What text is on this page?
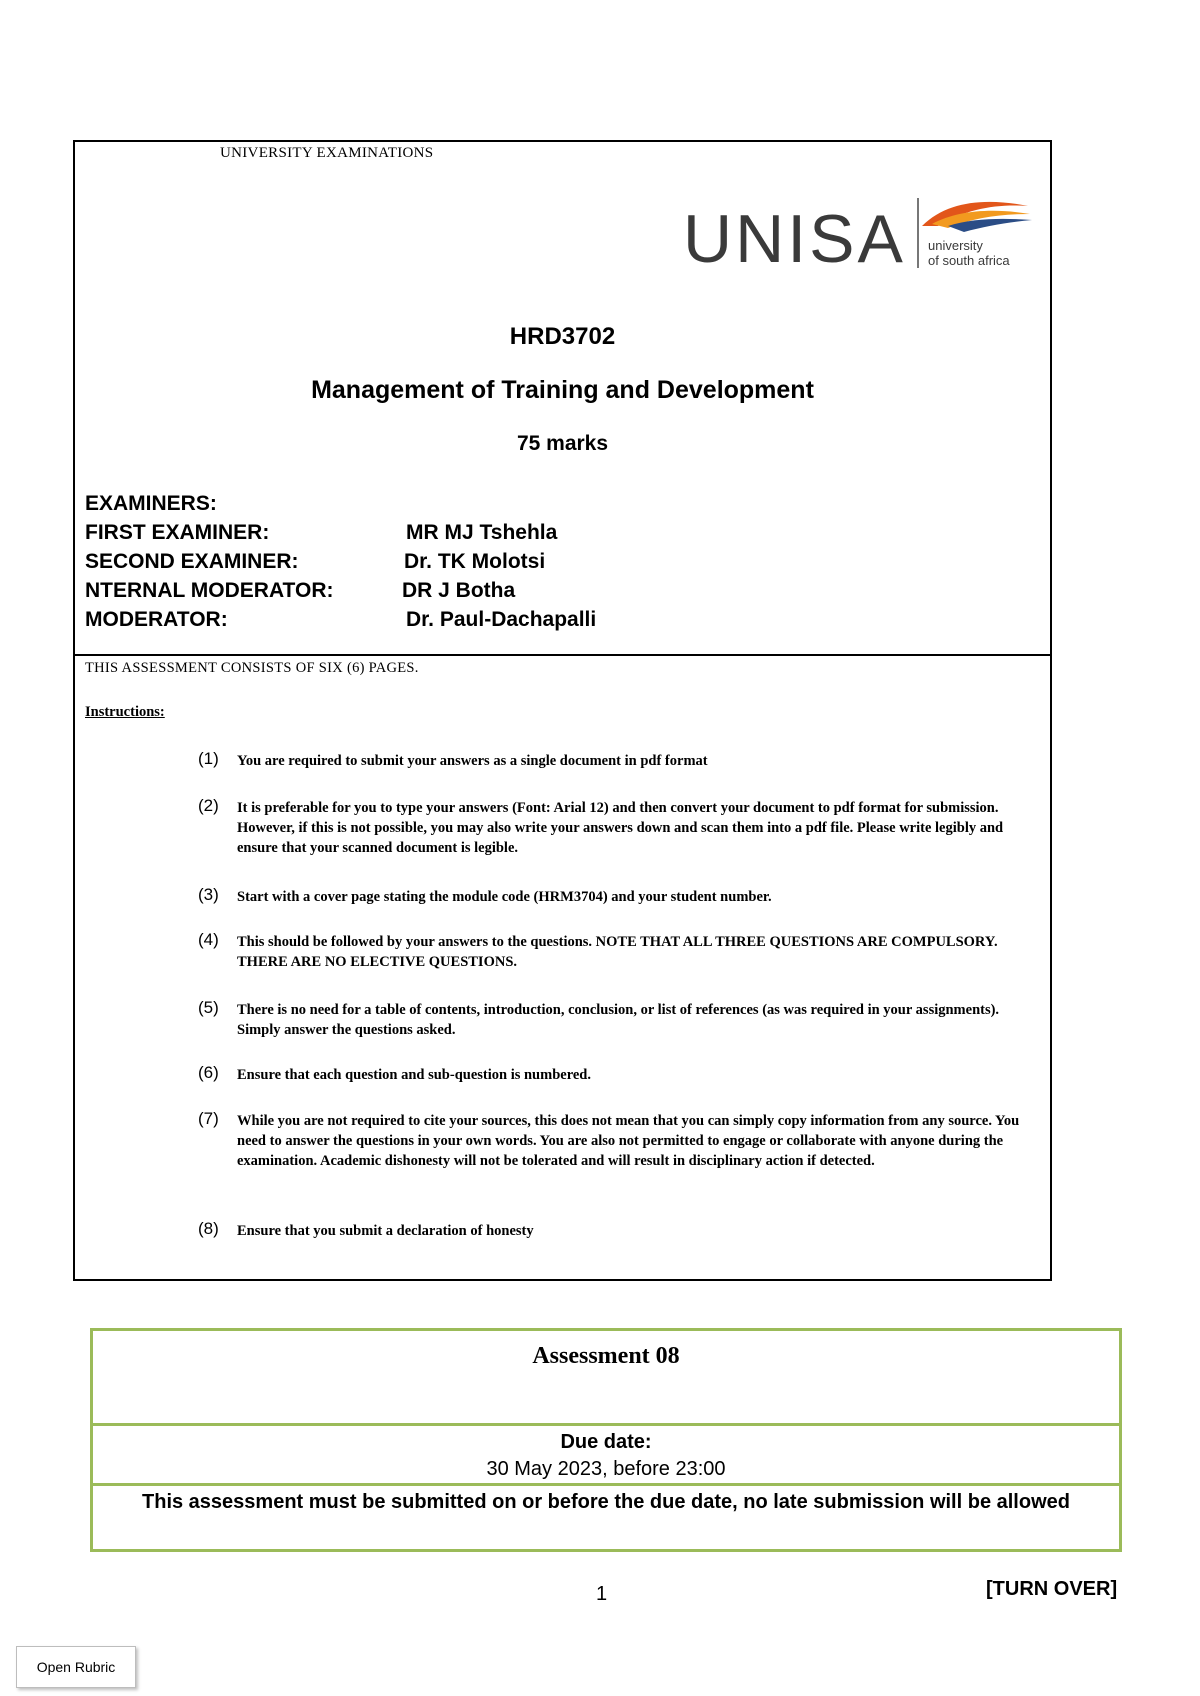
UNIVERSITY EXAMINATIONS
UNISA university
of south africa
HRD3702
Management of Training and Development
75 marks
EXAMINERS:
FIRST EXAMINER:	MR MJ Tshehla
SECOND EXAMINER:	Dr. TK Molotsi
NTERNAL MODERATOR:	DR J Botha
MODERATOR:	Dr. Paul-Dachapalli
THIS ASSESSMENT CONSISTS OF SIX (6) PAGES.
Instructions:
(1) You are required to submit your answers as a single document in pdf format
(2) It is preferable for you to type your answers (Font: Arial 12) and then convert your document to pdf format for submission. However, if this is not possible, you may also write your answers down and scan them into a pdf file. Please write legibly and ensure that your scanned document is legible.
(3) Start with a cover page stating the module code (HRM3704) and your student number.
(4) This should be followed by your answers to the questions. NOTE THAT ALL THREE QUESTIONS ARE COMPULSORY. THERE ARE NO ELECTIVE QUESTIONS.
(5) There is no need for a table of contents, introduction, conclusion, or list of references (as was required in your assignments). Simply answer the questions asked.
(6) Ensure that each question and sub-question is numbered.
(7) While you are not required to cite your sources, this does not mean that you can simply copy information from any source. You need to answer the questions in your own words. You are also not permitted to engage or collaborate with anyone during the examination. Academic dishonesty will not be tolerated and will result in disciplinary action if detected.
(8) Ensure that you submit a declaration of honesty
Assessment 08
Due date:
30 May 2023, before 23:00
This assessment must be submitted on or before the due date, no late submission will be allowed
1	[TURN OVER]
Open Rubric
